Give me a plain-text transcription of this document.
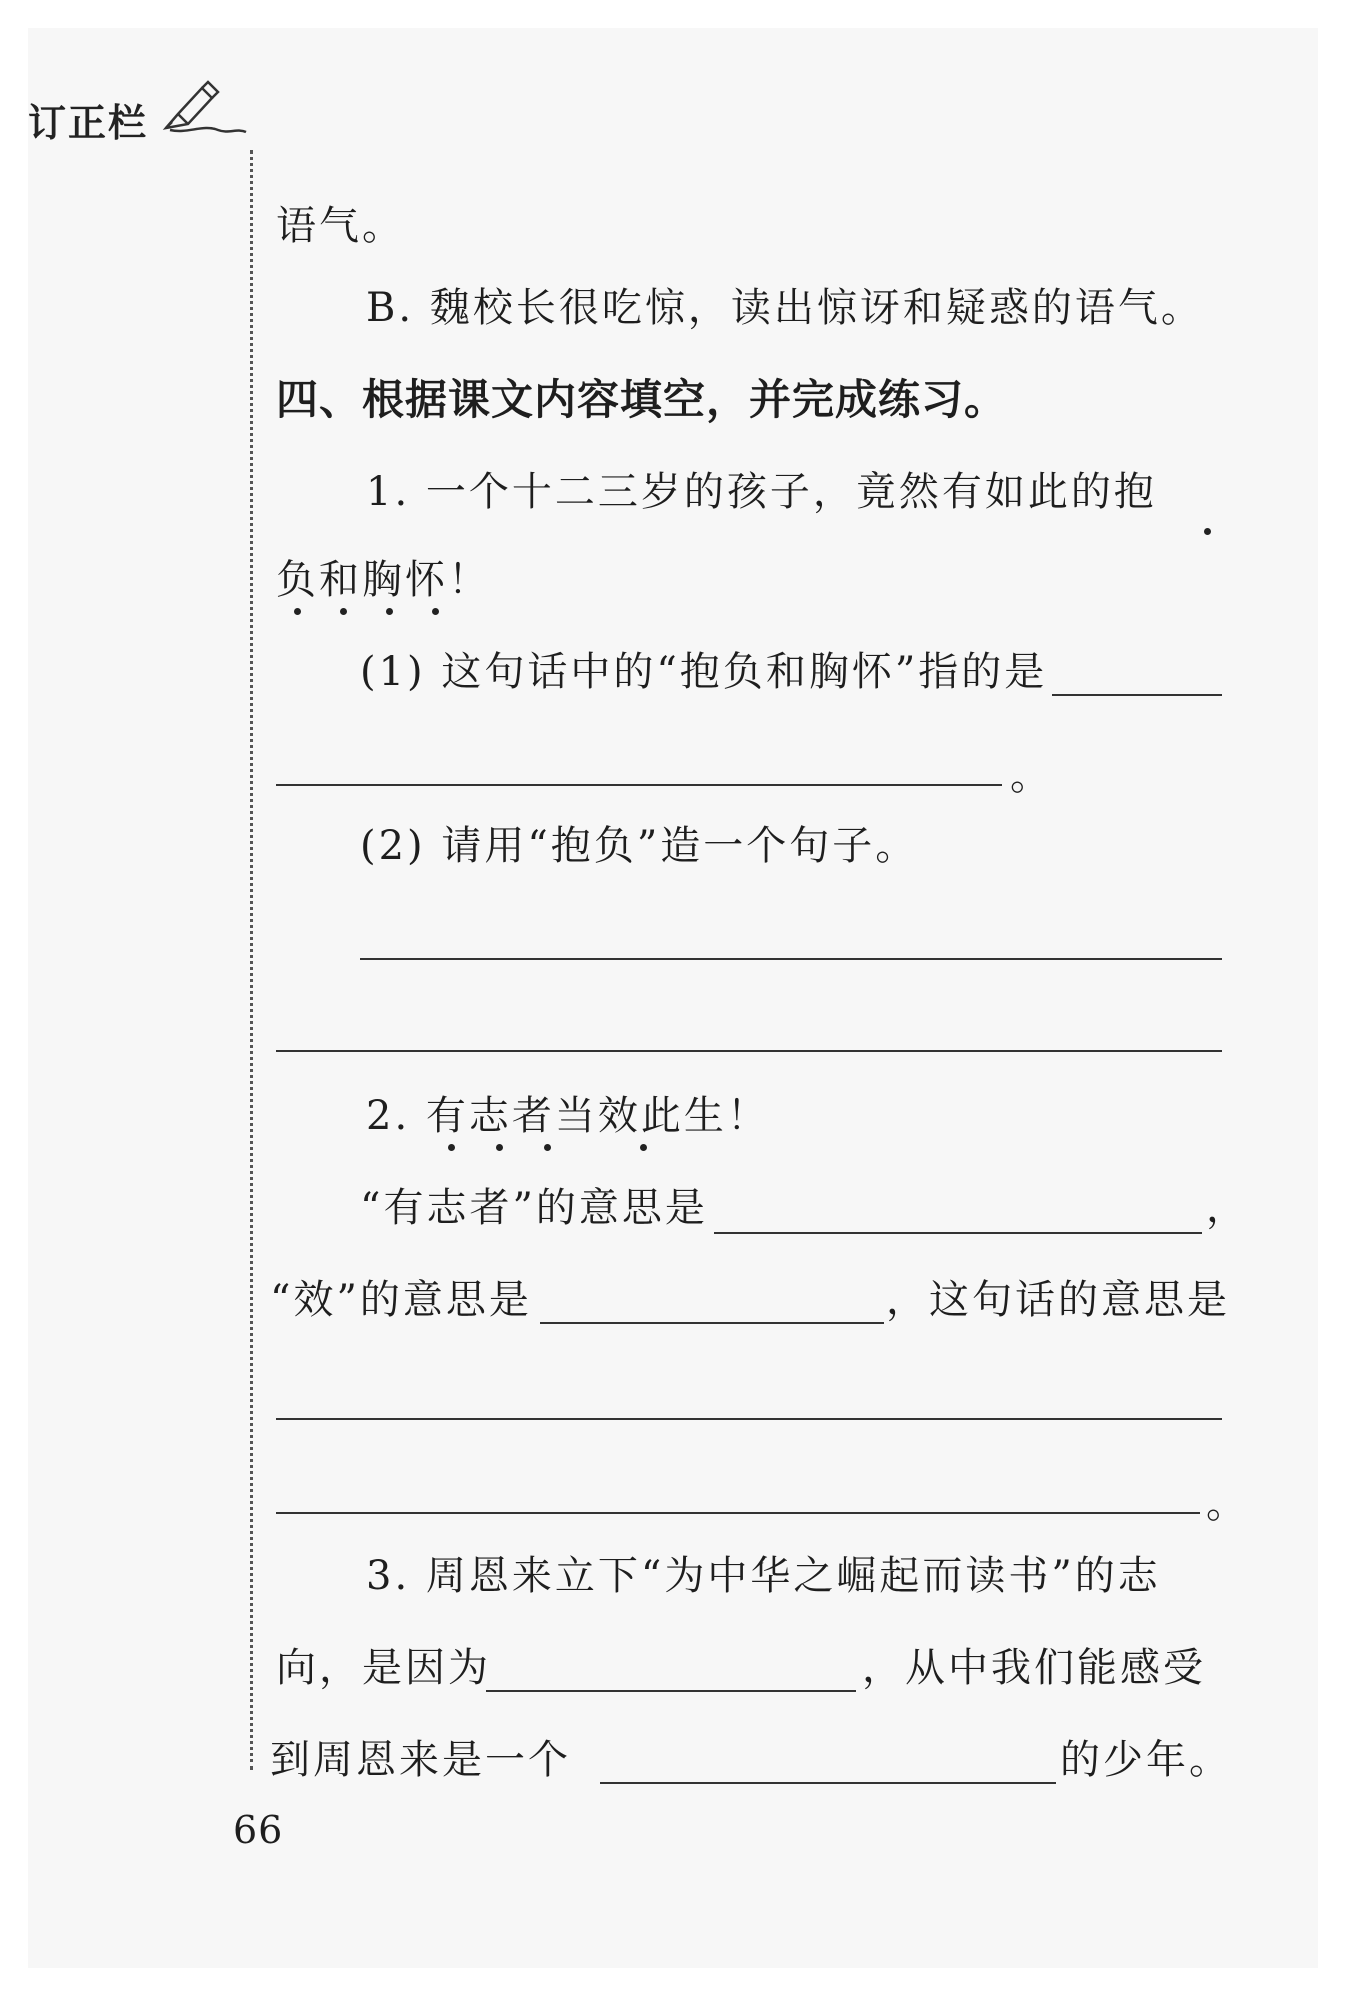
订正栏
语气。
B. 魏校长很吃惊，读出惊讶和疑惑的语气。
四、根据课文内容填空，并完成练习。
1. 一个十二三岁的孩子，竟然有如此的抱
负和胸怀！
(1) 这句话中的“抱负和胸怀”指的是
。
(2) 请用“抱负”造一个句子。
2. 有志者当效此生！
“有志者”的意思是	，
“效”的意思是	，这句话的意思是
。
3. 周恩来立下“为中华之崛起而读书”的志
向，是因为	，从中我们能感受
到周恩来是一个	的少年。
66
